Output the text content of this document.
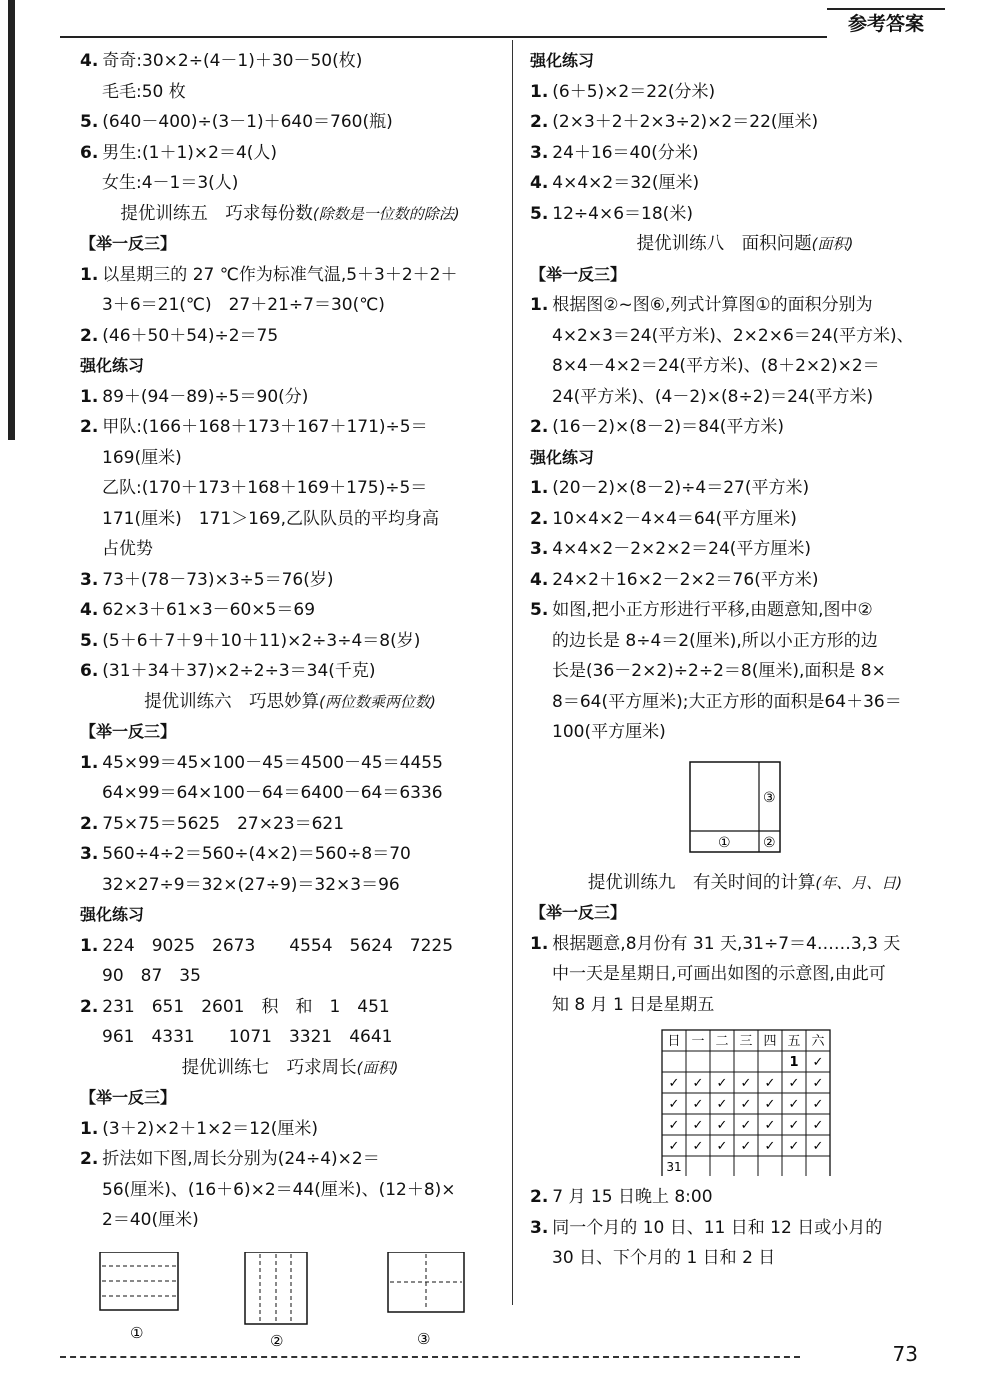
参考答案
4. 奇奇:30×2÷(4－1)＋30－50(枚)
毛毛:50 枚
5. (640－400)÷(3－1)＋640＝760(瓶)
6. 男生:(1＋1)×2＝4(人)
女生:4－1＝3(人)
提优训练五　巧求每份数(除数是一位数的除法)
【举一反三】
1. 以星期三的 27 ℃作为标准气温,5＋3＋2＋2＋
3＋6＝21(℃)　27＋21÷7＝30(℃)
2. (46＋50＋54)÷2＝75
强化练习
1. 89＋(94－89)÷5＝90(分)
2. 甲队:(166＋168＋173＋167＋171)÷5＝
169(厘米)
乙队:(170＋173＋168＋169＋175)÷5＝
171(厘米)　171＞169,乙队队员的平均身高
占优势
3. 73＋(78－73)×3÷5＝76(岁)
4. 62×3＋61×3－60×5＝69
5. (5＋6＋7＋9＋10＋11)×2÷3÷4＝8(岁)
6. (31＋34＋37)×2÷2÷3＝34(千克)
提优训练六　巧思妙算(两位数乘两位数)
【举一反三】
1. 45×99＝45×100－45＝4500－45＝4455
64×99＝64×100－64＝6400－64＝6336
2. 75×75＝5625　27×23＝621
3. 560÷4÷2＝560÷(4×2)＝560÷8＝70
32×27÷9＝32×(27÷9)＝32×3＝96
强化练习
1. 224　9025　2673　　4554　5624　7225
90　87　35
2. 231　651　2601　积　和　1　451
961　4331　　1071　3321　4641
提优训练七　巧求周长(面积)
【举一反三】
1. (3＋2)×2＋1×2＝12(厘米)
2. 折法如下图,周长分别为(24÷4)×2＝
56(厘米)、(16＋6)×2＝44(厘米)、(12＋8)×
2＝40(厘米)
①	②	③
强化练习
1. (6＋5)×2＝22(分米)
2. (2×3＋2＋2×3÷2)×2＝22(厘米)
3. 24＋16＝40(分米)
4. 4×4×2＝32(厘米)
5. 12÷4×6＝18(米)
提优训练八　面积问题(面积)
【举一反三】
1. 根据图②~图⑥,列式计算图①的面积分别为
4×2×3＝24(平方米)、2×2×6＝24(平方米)、
8×4－4×2＝24(平方米)、(8＋2×2)×2＝
24(平方米)、(4－2)×(8÷2)＝24(平方米)
2. (16－2)×(8－2)＝84(平方米)
强化练习
1. (20－2)×(8－2)÷4＝27(平方米)
2. 10×4×2－4×4＝64(平方厘米)
3. 4×4×2－2×2×2＝24(平方厘米)
4. 24×2＋16×2－2×2＝76(平方米)
5. 如图,把小正方形进行平移,由题意知,图中②
的边长是 8÷4＝2(厘米),所以小正方形的边
长是(36－2×2)÷2÷2＝8(厘米),面积是 8×
8＝64(平方厘米);大正方形的面积是64＋36＝
100(平方厘米)
③
① ②
提优训练九　有关时间的计算(年、月、日)
【举一反三】
1. 根据题意,8月份有 31 天,31÷7＝4……3,3 天
中一天是星期日,可画出如图的示意图,由此可
知 8 月 1 日是星期五
日 一 二 三 四 五 六
1 ✓
✓ ✓ ✓ ✓ ✓ ✓ ✓
✓ ✓ ✓ ✓ ✓ ✓ ✓
✓ ✓ ✓ ✓ ✓ ✓ ✓
✓ ✓ ✓ ✓ ✓ ✓ ✓
31
2. 7 月 15 日晚上 8:00
3. 同一个月的 10 日、11 日和 12 日或小月的
30 日、下个月的 1 日和 2 日
73
